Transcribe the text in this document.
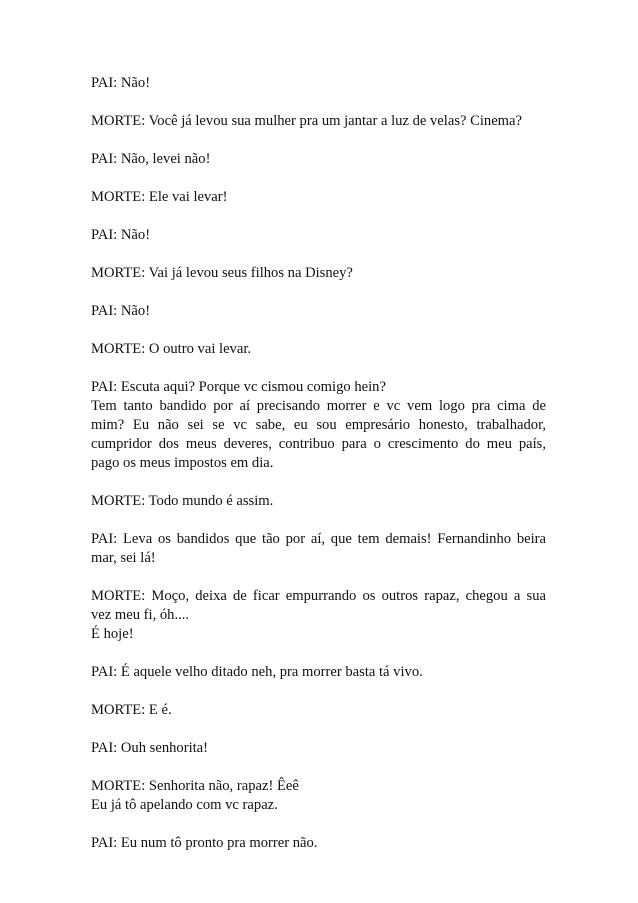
PAI: Não!

MORTE: Você já levou sua mulher pra um jantar a luz de velas? Cinema?

PAI: Não, levei não!

MORTE: Ele vai levar!

PAI: Não!

MORTE: Vai já levou seus filhos na Disney?

PAI: Não!

MORTE: O outro vai levar.

PAI: Escuta aqui? Porque vc cismou comigo hein?
Tem tanto bandido por aí precisando morrer e vc vem logo pra cima de
mim? Eu não sei se vc sabe, eu sou empresário honesto, trabalhador,
cumpridor dos meus deveres, contribuo para o crescimento do meu país,
pago os meus impostos em dia.

MORTE: Todo mundo é assim.

PAI: Leva os bandidos que tão por aí, que tem demais! Fernandinho beira
mar, sei lá!

MORTE: Moço, deixa de ficar empurrando os outros rapaz, chegou a sua
vez meu fi, óh....
É hoje!

PAI: É aquele velho ditado neh, pra morrer basta tá vivo.

MORTE: E é.

PAI: Ouh senhorita!

MORTE: Senhorita não, rapaz! Êeê
Eu já tô apelando com vc rapaz.

PAI: Eu num tô pronto pra morrer não.
